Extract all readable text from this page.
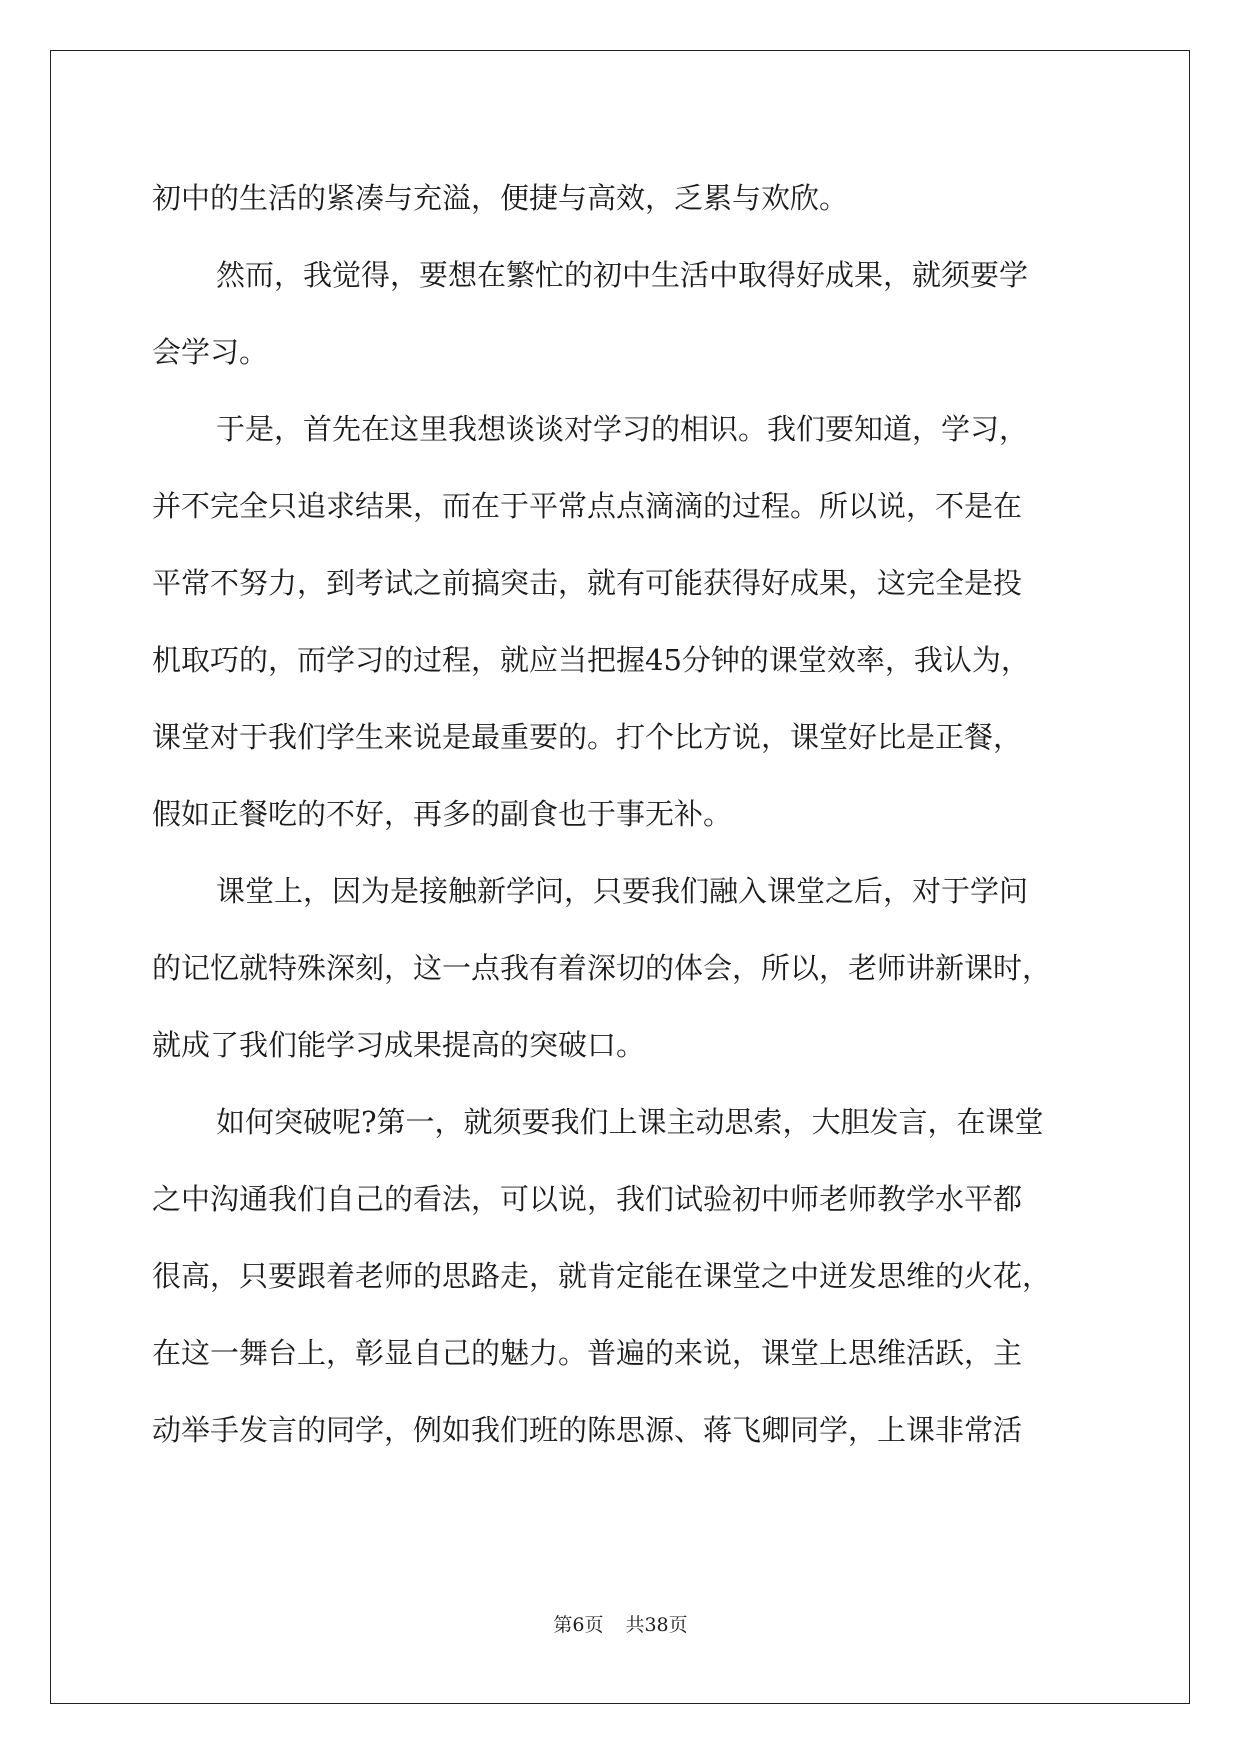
初中的生活的紧凑与充溢，便捷与高效，乏累与欢欣。
然而，我觉得，要想在繁忙的初中生活中取得好成果，就须要学
会学习。
于是，首先在这里我想谈谈对学习的相识。我们要知道，学习，
并不完全只追求结果，而在于平常点点滴滴的过程。所以说，不是在
平常不努力，到考试之前搞突击，就有可能获得好成果，这完全是投
机取巧的，而学习的过程，就应当把握45分钟的课堂效率，我认为，
课堂对于我们学生来说是最重要的。打个比方说，课堂好比是正餐，
假如正餐吃的不好，再多的副食也于事无补。
课堂上，因为是接触新学问，只要我们融入课堂之后，对于学问
的记忆就特殊深刻，这一点我有着深切的体会，所以，老师讲新课时，
就成了我们能学习成果提高的突破口。
如何突破呢?第一，就须要我们上课主动思索，大胆发言，在课堂
之中沟通我们自己的看法，可以说，我们试验初中师老师教学水平都
很高，只要跟着老师的思路走，就肯定能在课堂之中迸发思维的火花，
在这一舞台上，彰显自己的魅力。普遍的来说，课堂上思维活跃，主
动举手发言的同学，例如我们班的陈思源、蒋飞卿同学，上课非常活
第6页 共38页
